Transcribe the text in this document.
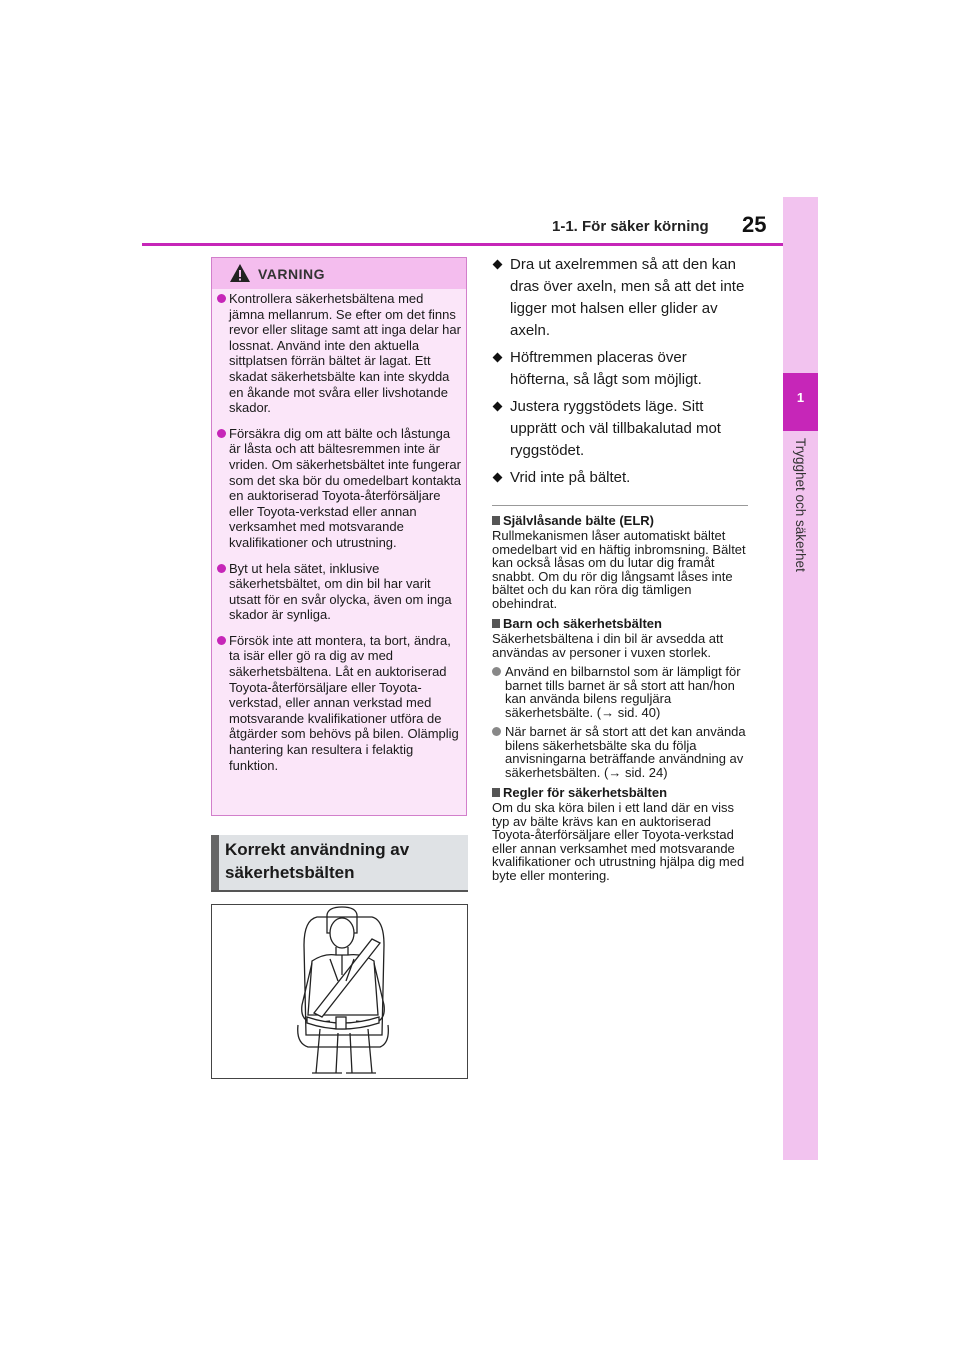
1
Trygghet och säkerhet
1-1. För säker körning 25
VARNING
Kontrollera säkerhetsbältena med jämna mellanrum. Se efter om det finns revor eller slitage samt att inga delar har lossnat. Använd inte den aktuella sittplatsen förrän bältet är lagat. Ett skadat säkerhetsbälte kan inte skydda en åkande mot svåra eller livshotande skador.
Försäkra dig om att bälte och låstunga är låsta och att bältesremmen inte är vriden. Om säkerhetsbältet inte fungerar som det ska bör du omedelbart kontakta en auktoriserad Toyota-återförsäljare eller Toyota-verkstad eller annan verksamhet med motsvarande kvalifikationer och utrustning.
Byt ut hela sätet, inklusive säkerhetsbältet, om din bil har varit utsatt för en svår olycka, även om inga skador är synliga.
Försök inte att montera, ta bort, ändra, ta isär eller gö ra dig av med säkerhetsbältena. Låt en auktoriserad Toyota-återförsäljare eller Toyota-verkstad, eller annan verkstad med motsvarande kvalifikationer utföra de åtgärder som behövs på bilen. Olämplig hantering kan resultera i felaktig funktion.
Korrekt användning av
säkerhetsbälten
Dra ut axelremmen så att den kan dras över axeln, men så att det inte ligger mot halsen eller glider av axeln.
Höftremmen placeras över höfterna, så lågt som möjligt.
Justera ryggstödets läge. Sitt upprätt och väl tillbakalutad mot ryggstödet.
Vrid inte på bältet.
Självlåsande bälte (ELR)
Rullmekanismen låser automatiskt bältet omedelbart vid en häftig inbromsning. Bältet kan också låsas om du lutar dig framåt snabbt. Om du rör dig långsamt låses inte bältet och du kan röra dig tämligen obehindrat.
Barn och säkerhetsbälten
Säkerhetsbältena i din bil är avsedda att användas av personer i vuxen storlek.
Använd en bilbarnstol som är lämpligt för barnet tills barnet är så stort att han/hon kan använda bilens reguljära säkerhetsbälte. (→ sid. 40)
När barnet är så stort att det kan använda bilens säkerhetsbälte ska du följa anvisningarna beträffande användning av säkerhetsbälten. (→ sid. 24)
Regler för säkerhetsbälten
Om du ska köra bilen i ett land där en viss typ av bälte krävs kan en auktoriserad Toyota-återförsäljare eller Toyota-verkstad eller annan verksamhet med motsvarande kvalifikationer och utrustning hjälpa dig med byte eller montering.
